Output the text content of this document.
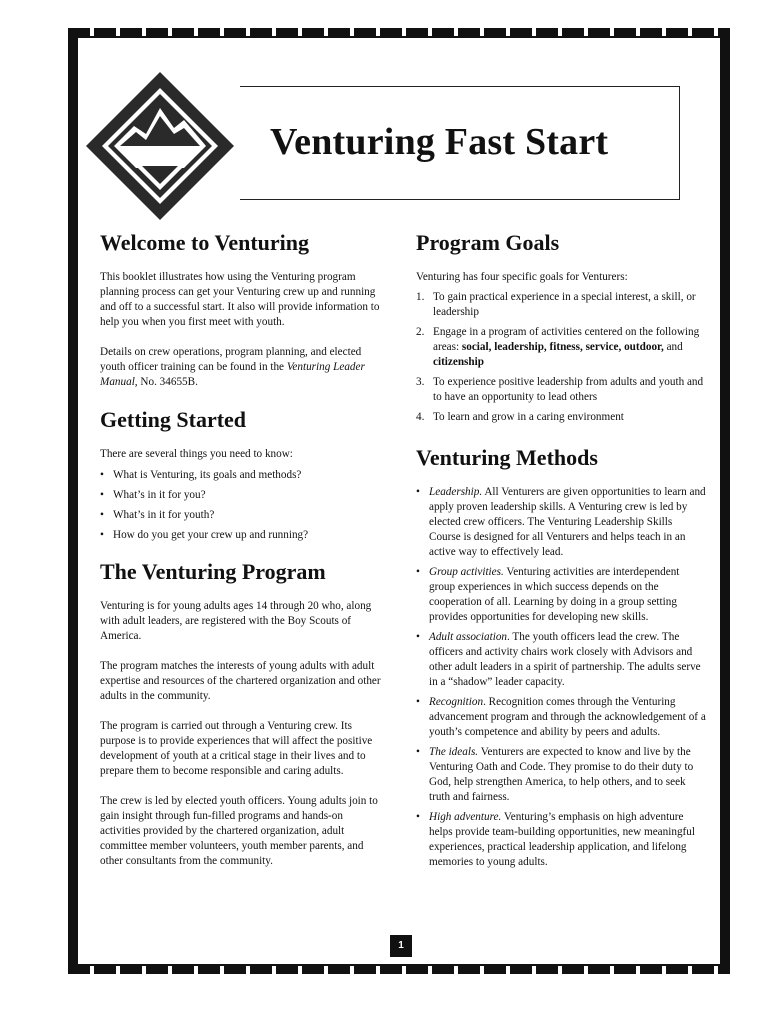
Venturing Fast Start
Welcome to Venturing

This booklet illustrates how using the Venturing program planning process can get your Venturing crew up and running and off to a successful start. It also will provide information to help you when you first meet with youth.

Details on crew operations, program planning, and elected youth officer training can be found in the Venturing Leader Manual, No. 34655B.

Getting Started

There are several things you need to know:

• What is Venturing, its goals and methods?
• What’s in it for you?
• What’s in it for youth?
• How do you get your crew up and running?
The Venturing Program

Venturing is for young adults ages 14 through 20 who, along with adult leaders, are registered with the Boy Scouts of America.

The program matches the interests of young adults with adult expertise and resources of the chartered organization and other adults in the community.

The program is carried out through a Venturing crew. Its purpose is to provide experiences that will affect the positive development of youth at a critical stage in their lives and to prepare them to become responsible and caring adults.

The crew is led by elected youth officers. Young adults join to gain insight through fun-filled programs and hands-on activities provided by the chartered organization, adult committee member volunteers, youth member parents, and other consultants from the community.

Program Goals

Venturing has four specific goals for Venturers:

1. To gain practical experience in a special interest, a skill, or leadership
2. Engage in a program of activities centered on the following areas: social, leadership, fitness, service, outdoor, and citizenship
3. To experience positive leadership from adults and youth and to have an opportunity to lead others
4. To learn and grow in a caring environment
Venturing Methods
• Leadership. All Venturers are given opportunities to learn and apply proven leadership skills. A Venturing crew is led by elected crew officers. The Venturing Leadership Skills Course is designed for all Venturers and helps teach in an active way to effectively lead.
• Group activities. Venturing activities are interdependent group experiences in which success depends on the cooperation of all. Learning by doing in a group setting provides opportunities for developing new skills.
• Adult association. The youth officers lead the crew. The officers and activity chairs work closely with Advisors and other adult leaders in a spirit of partnership. The adults serve in a “shadow” leader capacity.
• Recognition. Recognition comes through the Venturing advancement program and through the acknowledgement of a youth’s competence and ability by peers and adults.
• The ideals. Venturers are expected to know and live by the Venturing Oath and Code. They promise to do their duty to God, help strengthen America, to help others, and to seek truth and fairness.
• High adventure. Venturing’s emphasis on high adventure helps provide team-building opportunities, new meaningful experiences, practical leadership application, and lifelong memories to young adults.
1
